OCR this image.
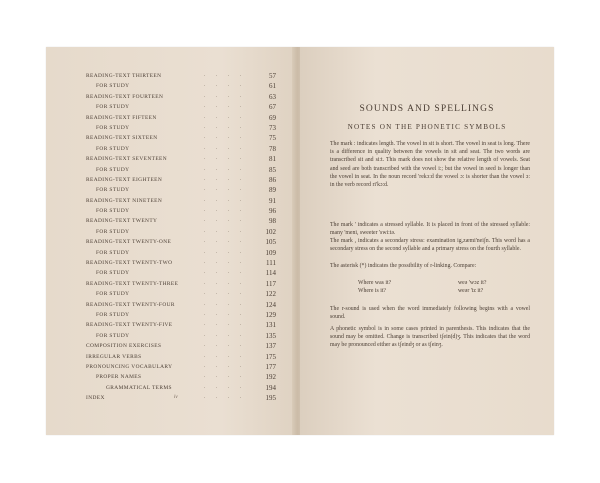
READING-TEXT THIRTEEN	. . . .	57
FOR STUDY	. . . .	61
READING-TEXT FOURTEEN	. . . .	63
FOR STUDY	. . . .	67
READING-TEXT FIFTEEN	. . . .	69
FOR STUDY	. . . .	73
READING-TEXT SIXTEEN	. . . .	75
FOR STUDY	. . . .	78
READING-TEXT SEVENTEEN	. . . .	81
FOR STUDY	. . . .	85
READING-TEXT EIGHTEEN	. . . .	86
FOR STUDY	. . . .	89
READING-TEXT NINETEEN	. . . .	91
FOR STUDY	. . . .	96
READING-TEXT TWENTY	. . . .	98
FOR STUDY	. . . .	102
READING-TEXT TWENTY-ONE	. . . .	105
FOR STUDY	. . . .	109
READING-TEXT TWENTY-TWO	. . . .	111
FOR STUDY	. . . .	114
READING-TEXT TWENTY-THREE	. . . .	117
FOR STUDY	. . . .	122
READING-TEXT TWENTY-FOUR	. . . .	124
FOR STUDY	. . . .	129
READING-TEXT TWENTY-FIVE	. . . .	131
FOR STUDY	. . . .	135
COMPOSITION EXERCISES	. . . .	137
IRREGULAR VERBS	. . . .	175
PRONOUNCING VOCABULARY	. . . .	177
PROPER NAMES	. . . .	192
GRAMMATICAL TERMS	. . . .	194
INDEX	. . . .	195
iv
SOUNDS AND SPELLINGS
NOTES ON THE PHONETIC SYMBOLS
The mark : indicates length. The vowel in sit is short. The vowel in seat is long. There is a difference in quality between the vowels in sit and seat. The two words are transcribed sit and si:t. This mark does not show the relative length of vowels. Seat and seed are both transcribed with the vowel i:; but the vowel in seed is longer than the vowel in seat. In the noun record 'rekɔ:d the vowel ɔ: is shorter than the vowel ɔ: in the verb record ri'kɔ:d.
The mark ' indicates a stressed syllable. It is placed in front of the stressed syllable: many 'meni, sweeter 'swi:tə.
The mark , indicates a secondary stress: examination ig,zæmi'neiʃn. This word has a secondary stress on the second syllable and a primary stress on the fourth syllable.
The asterisk (*) indicates the possibility of r-linking. Compare:
Where was it?	weə 'wɔz it?
Where is it?	weər 'iz it?
The r-sound is used when the word immediately following begins with a vowel sound.
A phonetic symbol is in some cases printed in parenthesis. This indicates that the sound may be omitted. Change is transcribed tʃein(d)ʒ. This indicates that the word may be pronounced either as tʃeindʒ or as tʃeinʒ.
